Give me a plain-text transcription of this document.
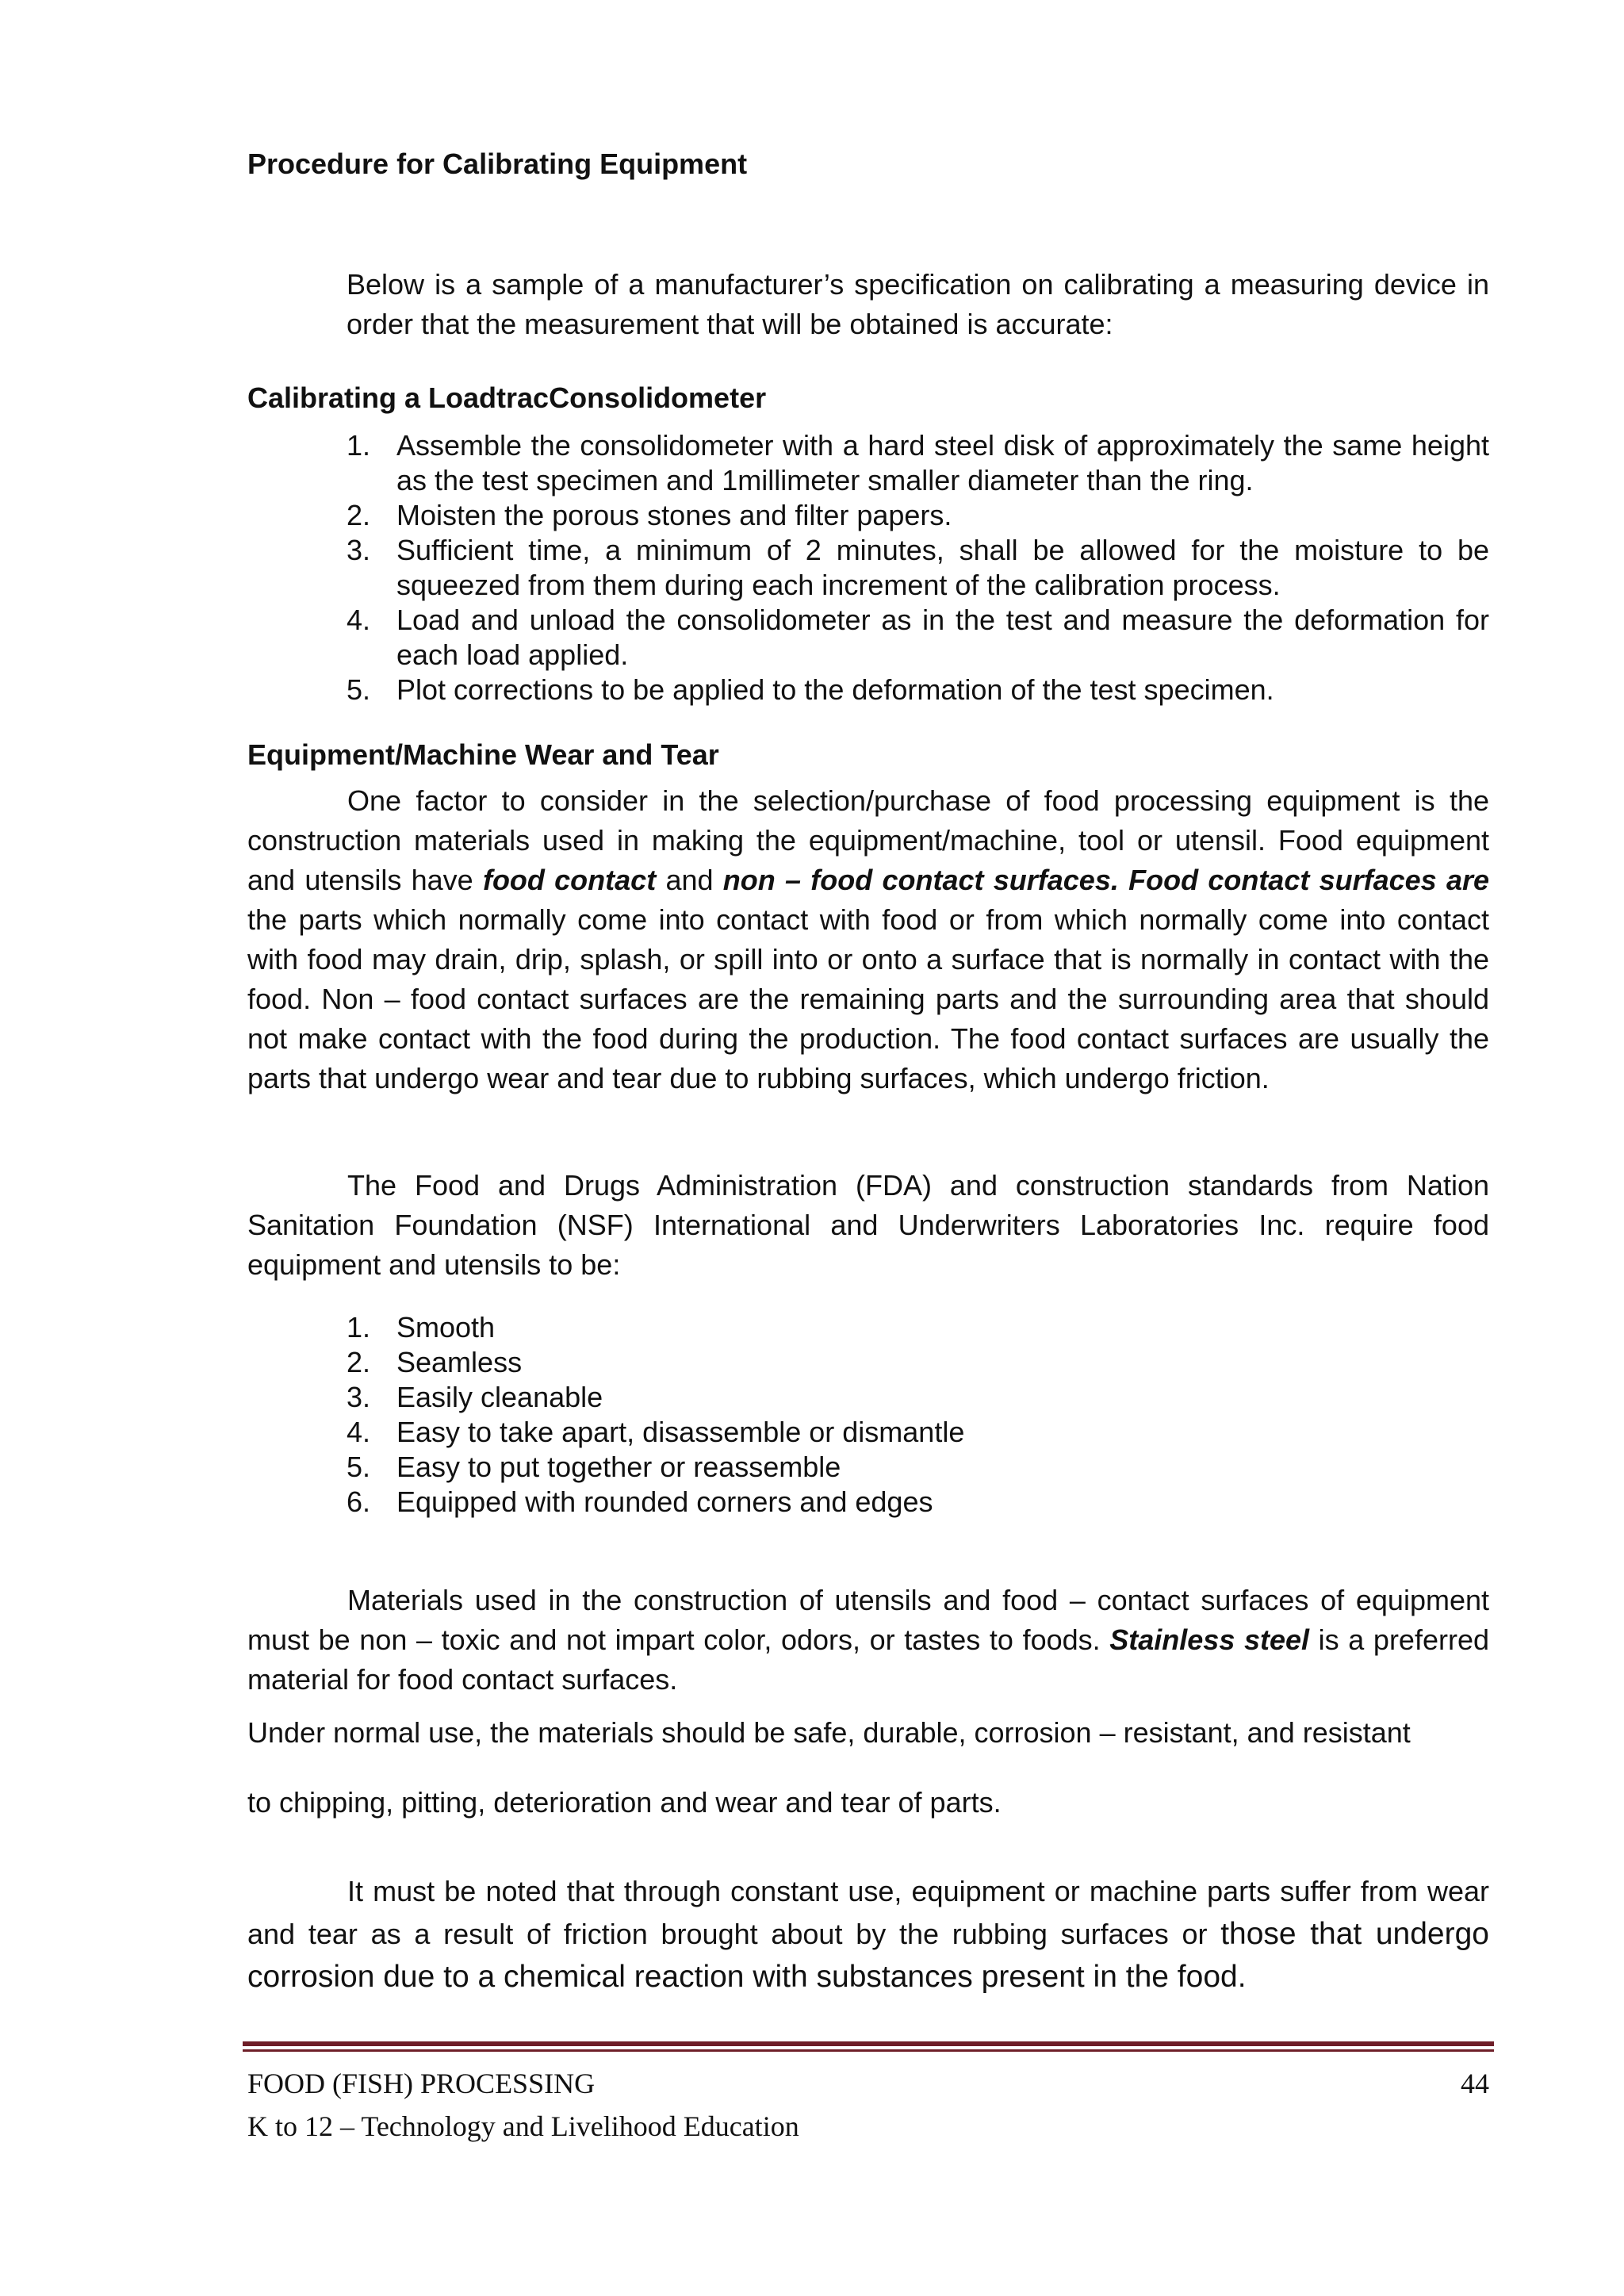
Procedure for Calibrating Equipment

Below is a sample of a manufacturer’s specification on calibrating a measuring device in order that the measurement that will be obtained is accurate:

Calibrating a LoadtracConsolidometer
1. Assemble the consolidometer with a hard steel disk of approximately the same height as the test specimen and 1millimeter smaller diameter than the ring.
2. Moisten the porous stones and filter papers.
3. Sufficient time, a minimum of 2 minutes, shall be allowed for the moisture to be squeezed from them during each increment of the calibration process.
4. Load and unload the consolidometer as in the test and measure the deformation for each load applied.
5. Plot corrections to be applied to the deformation of the test specimen.
Equipment/Machine Wear and Tear

One factor to consider in the selection/purchase of food processing equipment is the construction materials used in making the equipment/machine, tool or utensil. Food equipment and utensils have food contact and non – food contact surfaces. Food contact surfaces are the parts which normally come into contact with food or from which normally come into contact with food may drain, drip, splash, or spill into or onto a surface that is normally in contact with the food. Non – food contact surfaces are the remaining parts and the surrounding area that should not make contact with the food during the production. The food contact surfaces are usually the parts that undergo wear and tear due to rubbing surfaces, which undergo friction.

The Food and Drugs Administration (FDA) and construction standards from Nation Sanitation Foundation (NSF) International and Underwriters Laboratories Inc. require food equipment and utensils to be:

1. Smooth
2. Seamless
3. Easily cleanable
4. Easy to take apart, disassemble or dismantle
5. Easy to put together or reassemble
6. Equipped with rounded corners and edges

Materials used in the construction of utensils and food – contact surfaces of equipment must be non – toxic and not impart color, odors, or tastes to foods. Stainless steel is a preferred material for food contact surfaces.

Under normal use, the materials should be safe, durable, corrosion – resistant, and resistant

to chipping, pitting, deterioration and wear and tear of parts.

It must be noted that through constant use, equipment or machine parts suffer from wear and tear as a result of friction brought about by the rubbing surfaces or those that undergo corrosion due to a chemical reaction with substances present in the food.

FOOD (FISH) PROCESSING	44
K to 12 – Technology and Livelihood Education
